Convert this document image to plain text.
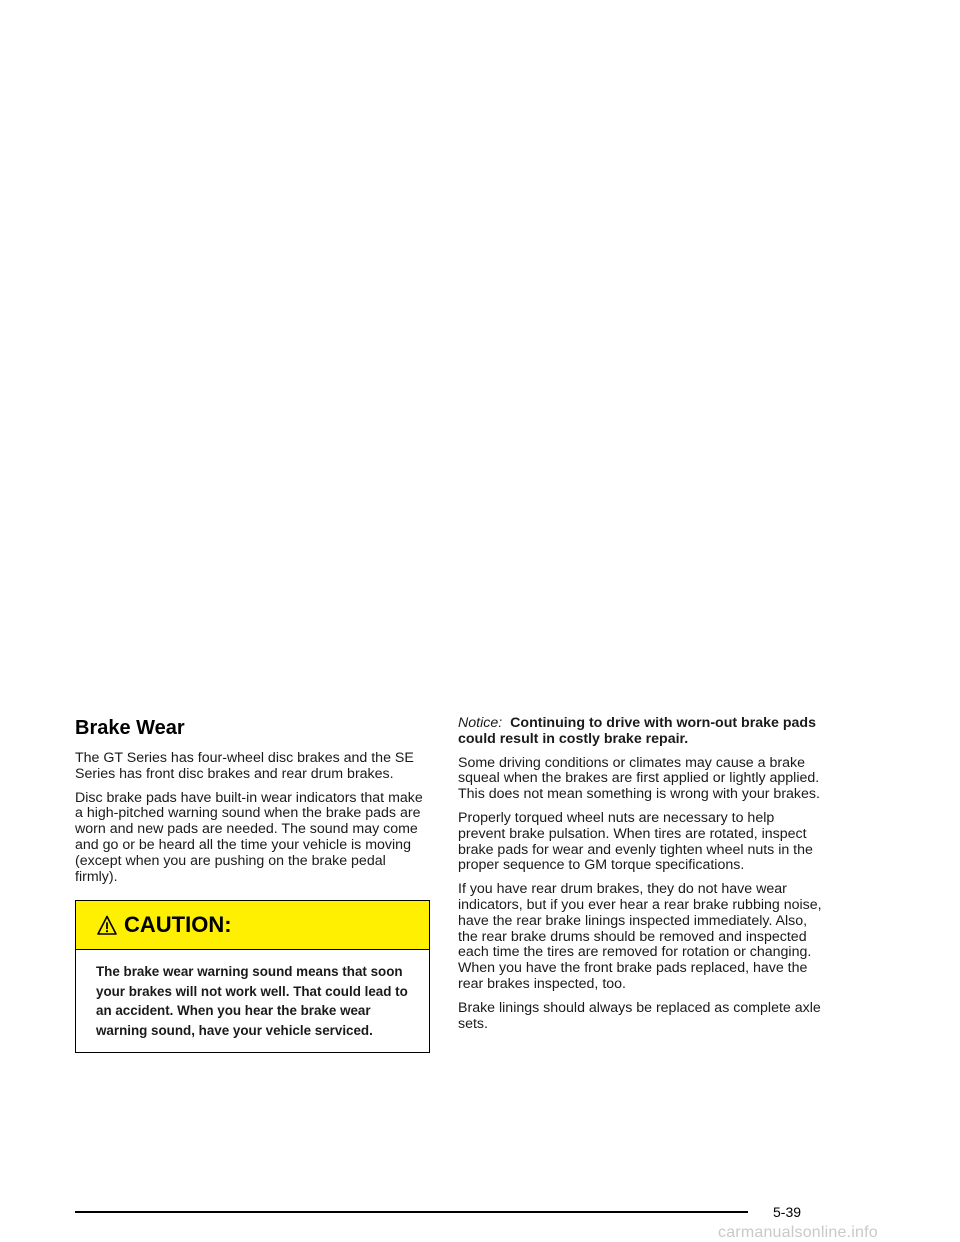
Brake Wear

The GT Series has four-wheel disc brakes and the SE Series has front disc brakes and rear drum brakes.

Disc brake pads have built-in wear indicators that make a high-pitched warning sound when the brake pads are worn and new pads are needed. The sound may come and go or be heard all the time your vehicle is moving (except when you are pushing on the brake pedal firmly).

CAUTION:
The brake wear warning sound means that soon your brakes will not work well. That could lead to an accident. When you hear the brake wear warning sound, have your vehicle serviced.

Notice: Continuing to drive with worn-out brake pads could result in costly brake repair.

Some driving conditions or climates may cause a brake squeal when the brakes are first applied or lightly applied. This does not mean something is wrong with your brakes.

Properly torqued wheel nuts are necessary to help prevent brake pulsation. When tires are rotated, inspect brake pads for wear and evenly tighten wheel nuts in the proper sequence to GM torque specifications.

If you have rear drum brakes, they do not have wear indicators, but if you ever hear a rear brake rubbing noise, have the rear brake linings inspected immediately. Also, the rear brake drums should be removed and inspected each time the tires are removed for rotation or changing. When you have the front brake pads replaced, have the rear brakes inspected, too.

Brake linings should always be replaced as complete axle sets.

5-39
carmanualsonline.info
